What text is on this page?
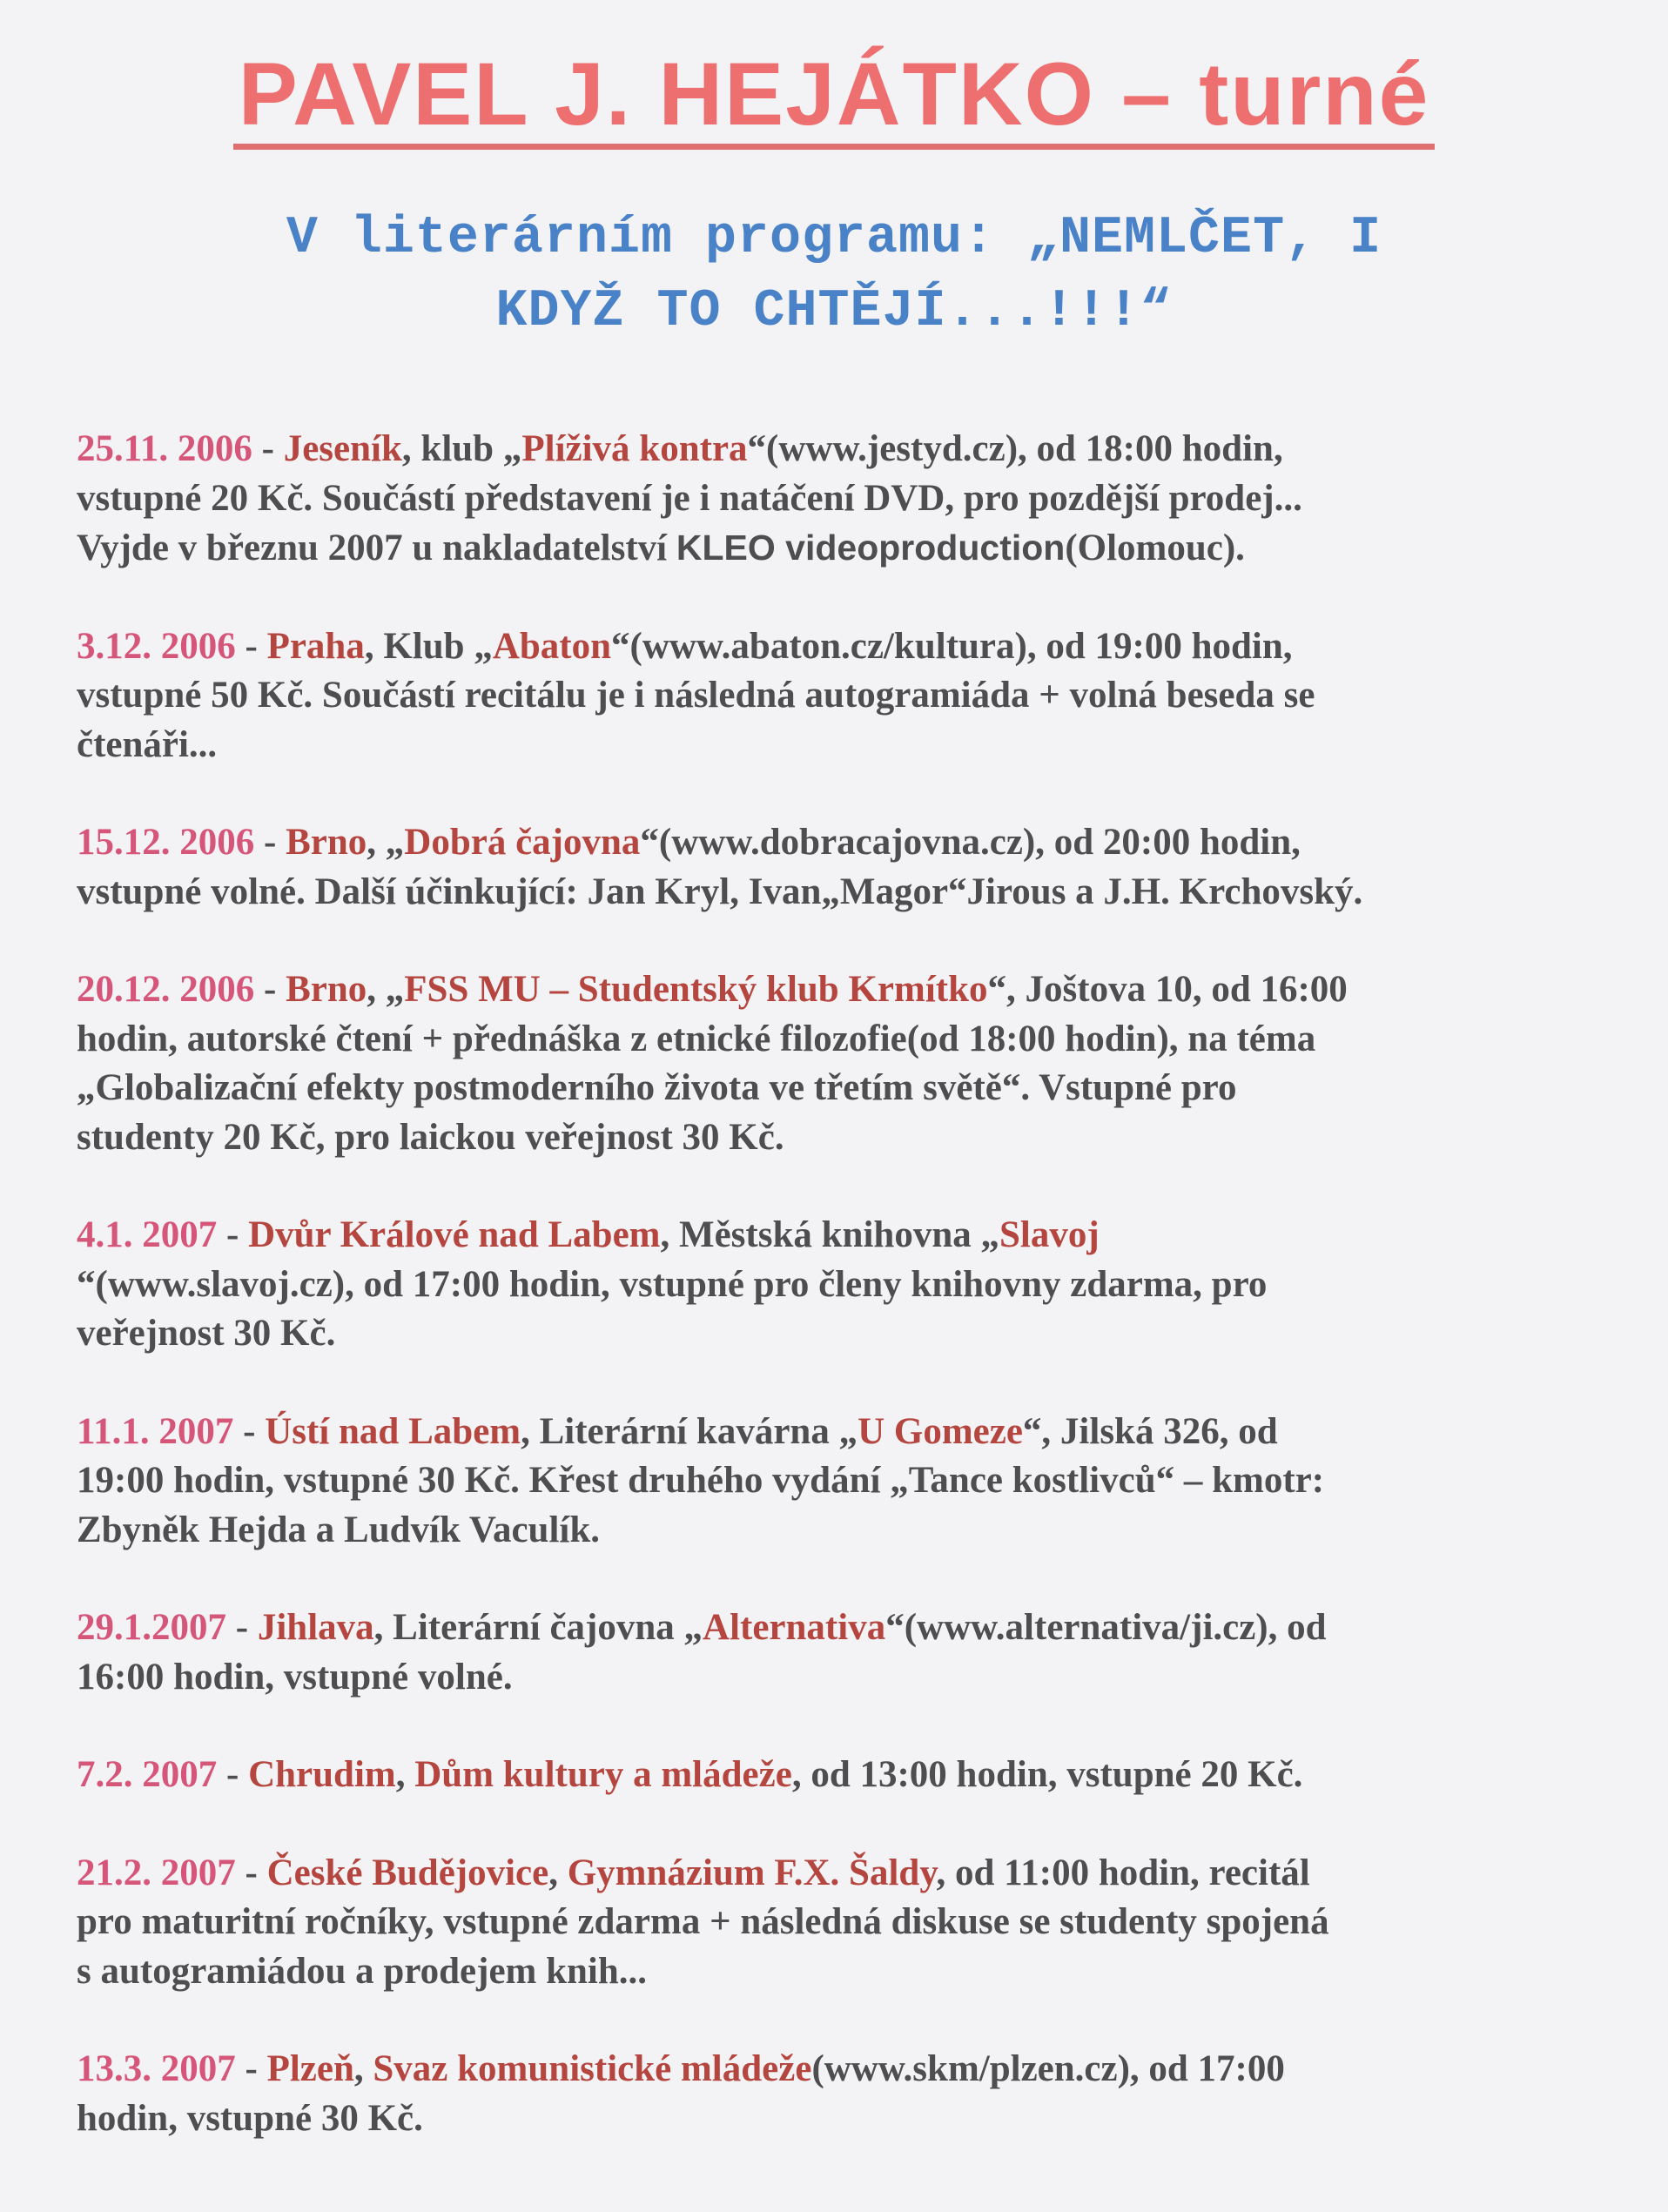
PAVEL J. HEJÁTKO – turné
V literárním programu: „NEMLČET, I
KDYŽ TO CHTĚJÍ...!!!“

25.11. 2006 - Jeseník, klub „Plíživá kontra“(www.jestyd.cz), od 18:00 hodin,
vstupné 20 Kč. Součástí představení je i natáčení DVD, pro pozdější prodej...
Vyjde v březnu 2007 u nakladatelství KLEO videoproduction(Olomouc).

3.12. 2006 - Praha, Klub „Abaton“(www.abaton.cz/kultura), od 19:00 hodin,
vstupné 50 Kč. Součástí recitálu je i následná autogramiáda + volná beseda se
čtenáři...

15.12. 2006 - Brno, „Dobrá čajovna“(www.dobracajovna.cz), od 20:00 hodin,
vstupné volné. Další účinkující: Jan Kryl, Ivan„Magor“Jirous a J.H. Krchovský.

20.12. 2006 - Brno, „FSS MU – Studentský klub Krmítko“, Joštova 10, od 16:00
hodin, autorské čtení + přednáška z etnické filozofie(od 18:00 hodin), na téma
„Globalizační efekty postmoderního života ve třetím světě“. Vstupné pro
studenty 20 Kč, pro laickou veřejnost 30 Kč.

4.1. 2007 - Dvůr Králové nad Labem, Městská knihovna „Slavoj
“(www.slavoj.cz), od 17:00 hodin, vstupné pro členy knihovny zdarma, pro
veřejnost 30 Kč.

11.1. 2007 - Ústí nad Labem, Literární kavárna „U Gomeze“, Jilská 326, od
19:00 hodin, vstupné 30 Kč. Křest druhého vydání „Tance kostlivců“ – kmotr:
Zbyněk Hejda a Ludvík Vaculík.

29.1.2007 - Jihlava, Literární čajovna „Alternativa“(www.alternativa/ji.cz), od
16:00 hodin, vstupné volné.

7.2. 2007 - Chrudim, Dům kultury a mládeže, od 13:00 hodin, vstupné 20 Kč.

21.2. 2007 - České Budějovice, Gymnázium F.X. Šaldy, od 11:00 hodin, recitál
pro maturitní ročníky, vstupné zdarma + následná diskuse se studenty spojená
s autogramiádou a prodejem knih...

13.3. 2007 - Plzeň, Svaz komunistické mládeže(www.skm/plzen.cz), od 17:00
hodin, vstupné 30 Kč.
